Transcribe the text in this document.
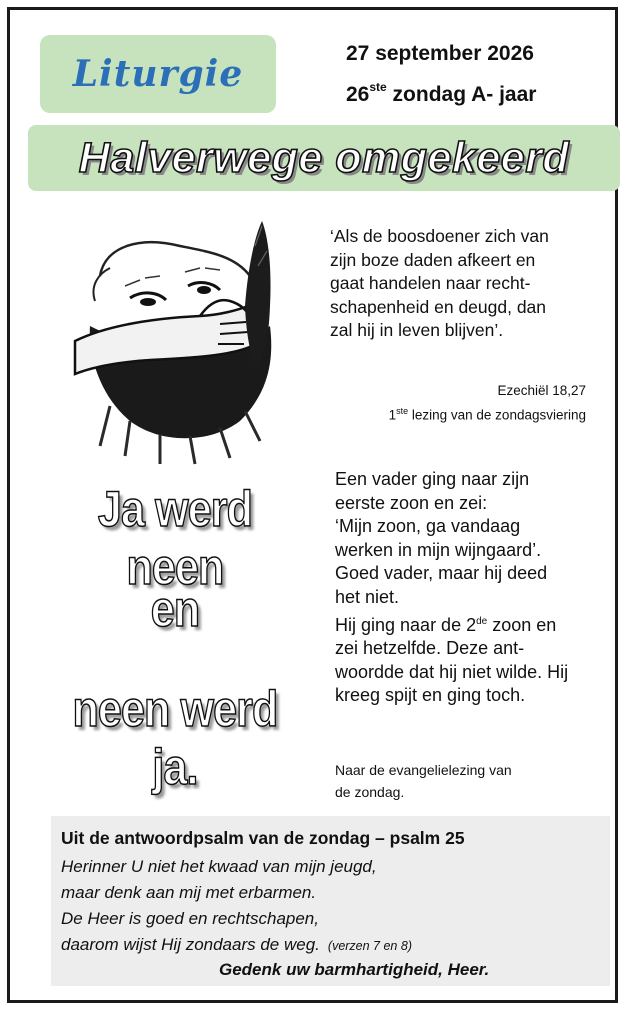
Liturgie	27 september 2026
26ste zondag A- jaar
Halverwege omgekeerd

‘Als de boosdoener zich van
zijn boze daden afkeert en
gaat handelen naar recht-
schapenheid en deugd, dan
zal hij in leven blijven’.

Ezechiël 18,27
1ste lezing van de zondagsviering
Ja werd neen
en
neen werd ja.

Een vader ging naar zijn
eerste zoon en zei:
‘Mijn zoon, ga vandaag
werken in mijn wijngaard’.
Goed vader, maar hij deed
het niet.
Hij ging naar de 2de zoon en
zei hetzelfde. Deze ant-
woordde dat hij niet wilde. Hij
kreeg spijt en ging toch.

Naar de evangelielezing van
de zondag.
Uit de antwoordpsalm van de zondag – psalm 25
Herinner U niet het kwaad van mijn jeugd,
maar denk aan mij met erbarmen.
De Heer is goed en rechtschapen,
daarom wijst Hij zondaars de weg. (verzen 7 en 8)
Gedenk uw barmhartigheid, Heer.
